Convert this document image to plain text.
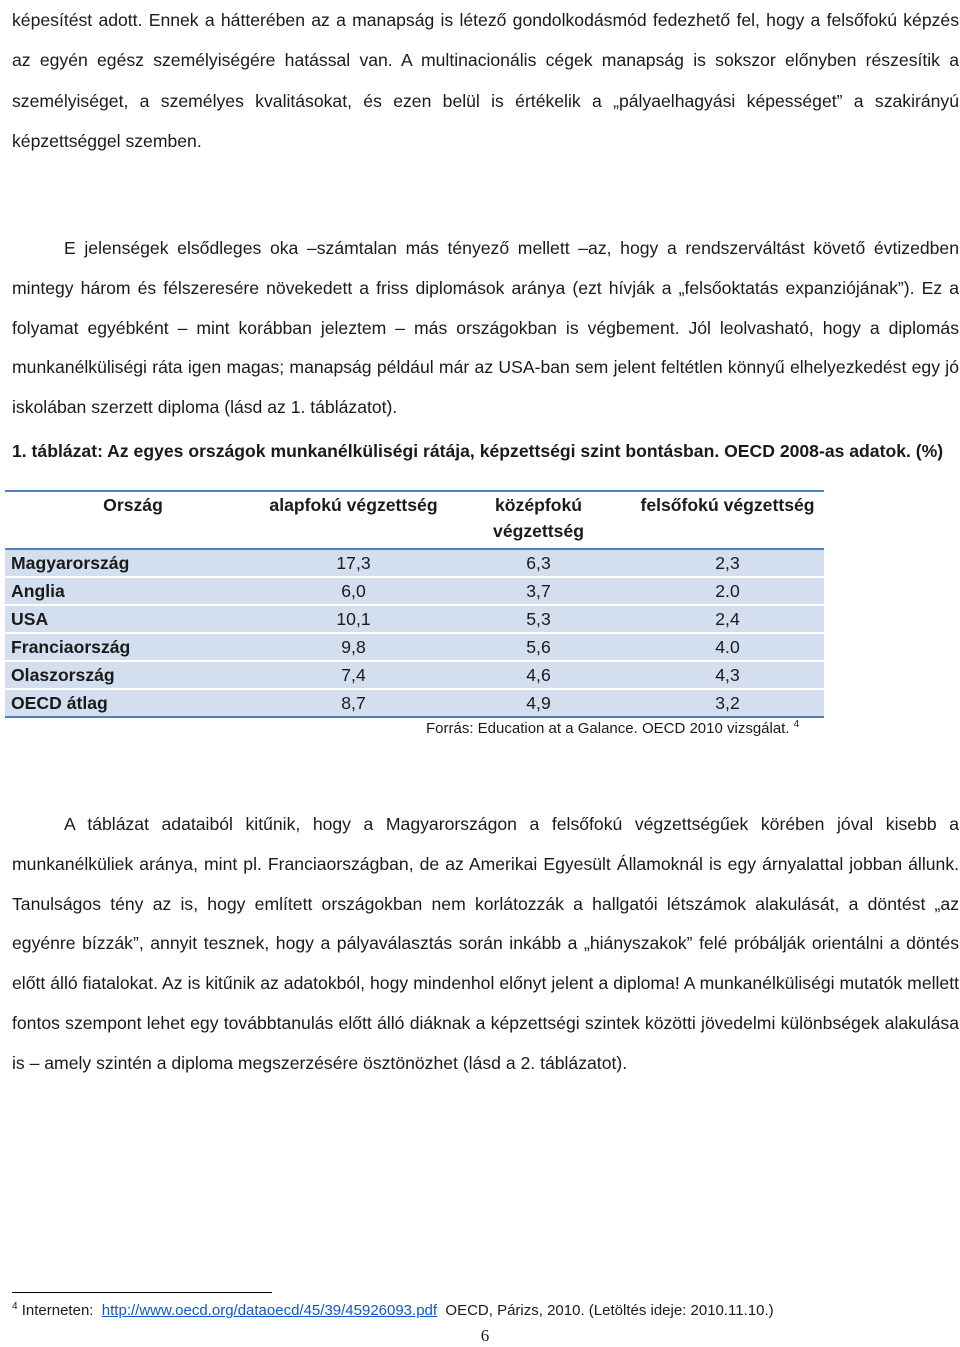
képesítést adott. Ennek a hátterében az a manapság is létező gondolkodásmód fedezhető fel, hogy a felsőfokú képzés az egyén egész személyiségére hatással van. A multinacionális cégek manapság is sokszor előnyben részesítik a személyiséget, a személyes kvalitásokat, és ezen belül is értékelik a „pályaelhagyási képességet” a szakirányú képzettséggel szemben.

E jelenségek elsődleges oka –számtalan más tényező mellett –az, hogy a rendszerváltást követő évtizedben mintegy három és félszeresére növekedett a friss diplomások aránya (ezt hívják a „felsőoktatás expanziójának”). Ez a folyamat egyébként – mint korábban jeleztem – más országokban is végbement. Jól leolvasható, hogy a diplomás munkanélküliségi ráta igen magas; manapság például már az USA-ban sem jelent feltétlen könnyű elhelyezkedést egy jó iskolában szerzett diploma (lásd az 1. táblázatot).

1. táblázat: Az egyes országok munkanélküliségi rátája, képzettségi szint bontásban. OECD 2008-as adatok. (%)

Ország	alapfokú végzettség	középfokú végzettség	felsőfokú végzettség
Magyarország	17,3	6,3	2,3
Anglia	6,0	3,7	2.0
USA	10,1	5,3	2,4
Franciaország	9,8	5,6	4.0
Olaszország	7,4	4,6	4,3
OECD átlag	8,7	4,9	3,2
Forrás: Education at a Galance. OECD 2010 vizsgálat. $^4$

A táblázat adataiból kitűnik, hogy a Magyarországon a felsőfokú végzettségűek körében jóval kisebb a munkanélküliek aránya, mint pl. Franciaországban, de az Amerikai Egyesült Államoknál is egy árnyalattal jobban állunk. Tanulságos tény az is, hogy említett országokban nem korlátozzák a hallgatói létszámok alakulását, a döntést „az egyénre bízzák”, annyit tesznek, hogy a pályaválasztás során inkább a „hiányszakok” felé próbálják orientálni a döntés előtt álló fiatalokat. Az is kitűnik az adatokból, hogy mindenhol előnyt jelent a diploma! A munkanélküliségi mutatók mellett fontos szempont lehet egy továbbtanulás előtt álló diáknak a képzettségi szintek közötti jövedelmi különbségek alakulása is – amely szintén a diploma megszerzésére ösztönözhet (lásd a 2. táblázatot).

$^4$ Interneten: http://www.oecd.org/dataoecd/45/39/45926093.pdf OECD, Párizs, 2010. (Letöltés ideje: 2010.11.10.)
6
